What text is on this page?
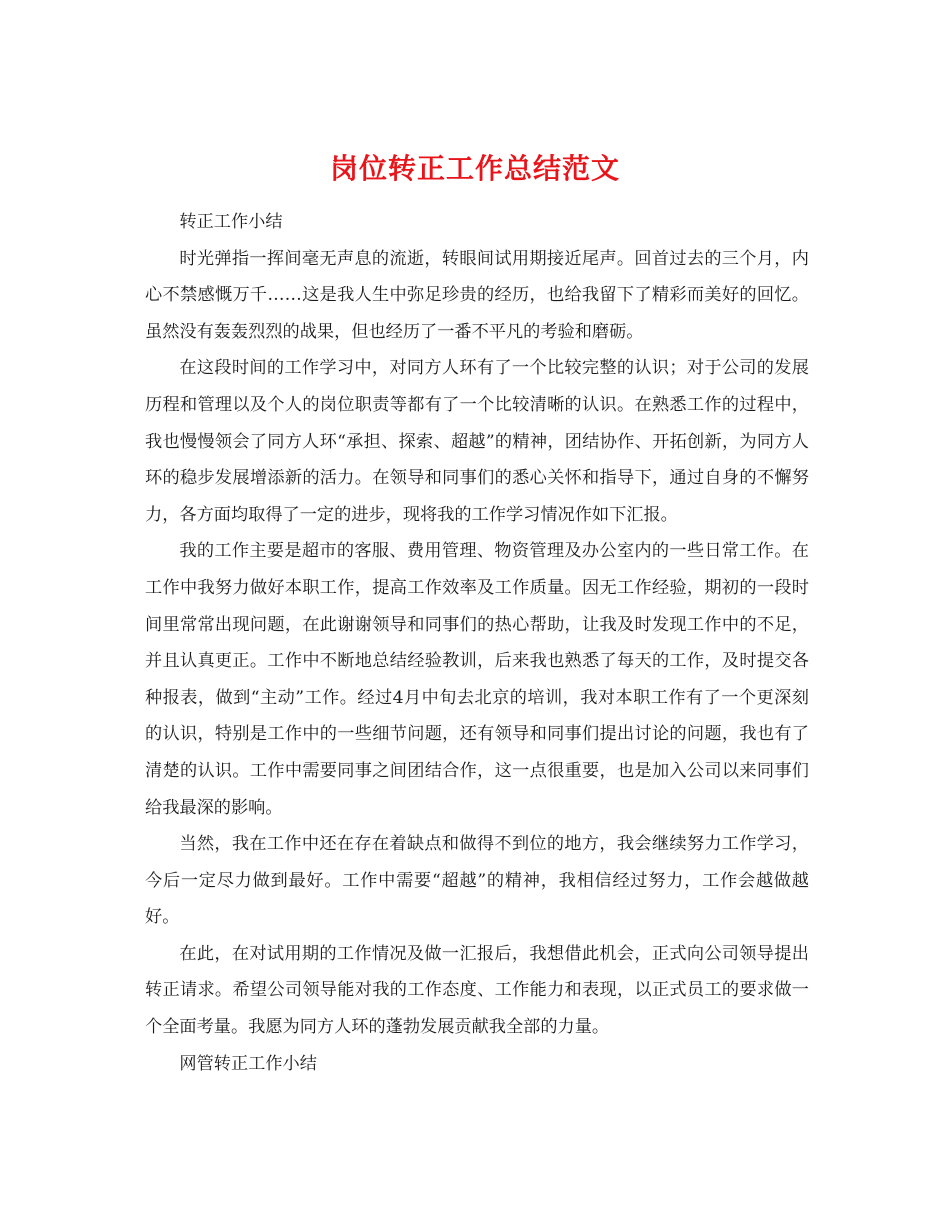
岗位转正工作总结范文

转正工作小结

时光弹指一挥间毫无声息的流逝，转眼间试用期接近尾声。回首过去的三个月，内心不禁感慨万千……这是我人生中弥足珍贵的经历，也给我留下了精彩而美好的回忆。虽然没有轰轰烈烈的战果，但也经历了一番不平凡的考验和磨砺。

在这段时间的工作学习中，对同方人环有了一个比较完整的认识；对于公司的发展历程和管理以及个人的岗位职责等都有了一个比较清晰的认识。在熟悉工作的过程中，我也慢慢领会了同方人环“承担、探索、超越”的精神，团结协作、开拓创新，为同方人环的稳步发展增添新的活力。在领导和同事们的悉心关怀和指导下，通过自身的不懈努力，各方面均取得了一定的进步，现将我的工作学习情况作如下汇报。

我的工作主要是超市的客服、费用管理、物资管理及办公室内的一些日常工作。在工作中我努力做好本职工作，提高工作效率及工作质量。因无工作经验，期初的一段时间里常常出现问题，在此谢谢领导和同事们的热心帮助，让我及时发现工作中的不足，并且认真更正。工作中不断地总结经验教训，后来我也熟悉了每天的工作，及时提交各种报表，做到“主动”工作。经过4月中旬去北京的培训，我对本职工作有了一个更深刻的认识，特别是工作中的一些细节问题，还有领导和同事们提出讨论的问题，我也有了清楚的认识。工作中需要同事之间团结合作，这一点很重要，也是加入公司以来同事们给我最深的影响。

当然，我在工作中还在存在着缺点和做得不到位的地方，我会继续努力工作学习，今后一定尽力做到最好。工作中需要“超越”的精神，我相信经过努力，工作会越做越好。

在此，在对试用期的工作情况及做一汇报后，我想借此机会，正式向公司领导提出转正请求。希望公司领导能对我的工作态度、工作能力和表现，以正式员工的要求做一个全面考量。我愿为同方人环的蓬勃发展贡献我全部的力量。

网管转正工作小结
